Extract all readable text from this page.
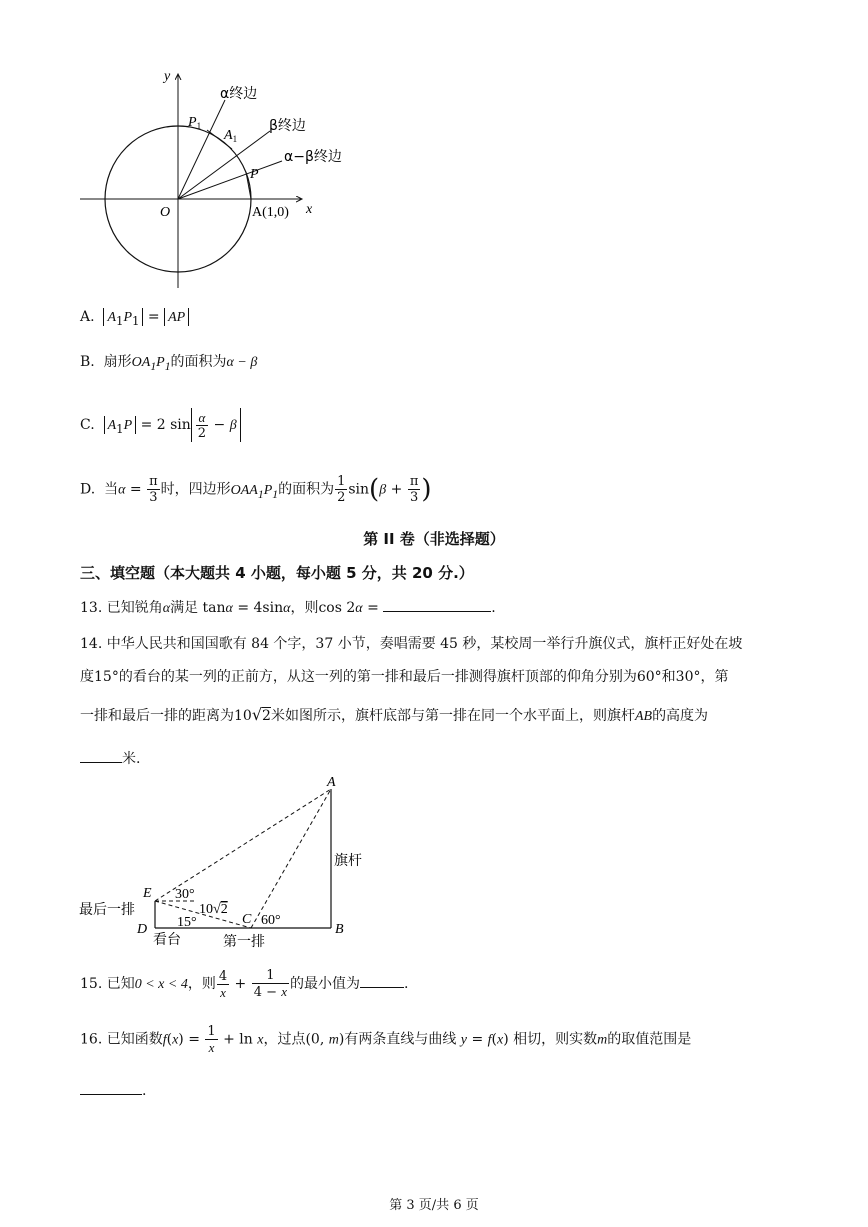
y
x
O
$P_1$
$A_1$
P
A(1,0)
α终边
β终边
α−β终边
A. $A_1P_1$ = AP
B. 扇形$OA_1P_1$的面积为α − β
C. $A_1P = 2$ $\sin \frac{\alpha}{2} - \beta$
D. 当$\alpha = \frac{\pi}{3}$ 时，四边形$OAA_1P_1$的面积为 $\frac{1}{2} \sin(\beta + \frac{\pi}{3}$ )
第 II 卷（非选择题）
三、填空题（本大题共 4 小题，每小题 5 分，共 20 分.）
13. 已知锐角α满足 tanα = 4sinα，则cos 2α =	.
14. 中华人民共和国国歌有 84 个字，37 小节，奏唱需要 45 秒，某校周一举行升旗仪式，旗杆正好处在坡
度15°的看台的某一列的正前方，从这一列的第一排和最后一排测得旗杆顶部的仰角分别为60°和30°，第
一排和最后一排的距离为10√2米如图所示，旗杆底部与第一排在同一个水平面上，则旗杆AB的高度为
米.
A
B
C
D
E
旗杆
最后一排
看台	第一排
30°
15°	60°
10√2
15. 已知0 < x < 4，则 $\frac{4}{x} + \frac{1}{4 - x}$ 的最小值为	.
16. 已知函数$f(x) = \frac{1}{x} + \ln x$，过点(0, m)有两条直线与曲线 y = f(x) 相切，则实数m的取值范围是
.
第 3 页/共 6 页
